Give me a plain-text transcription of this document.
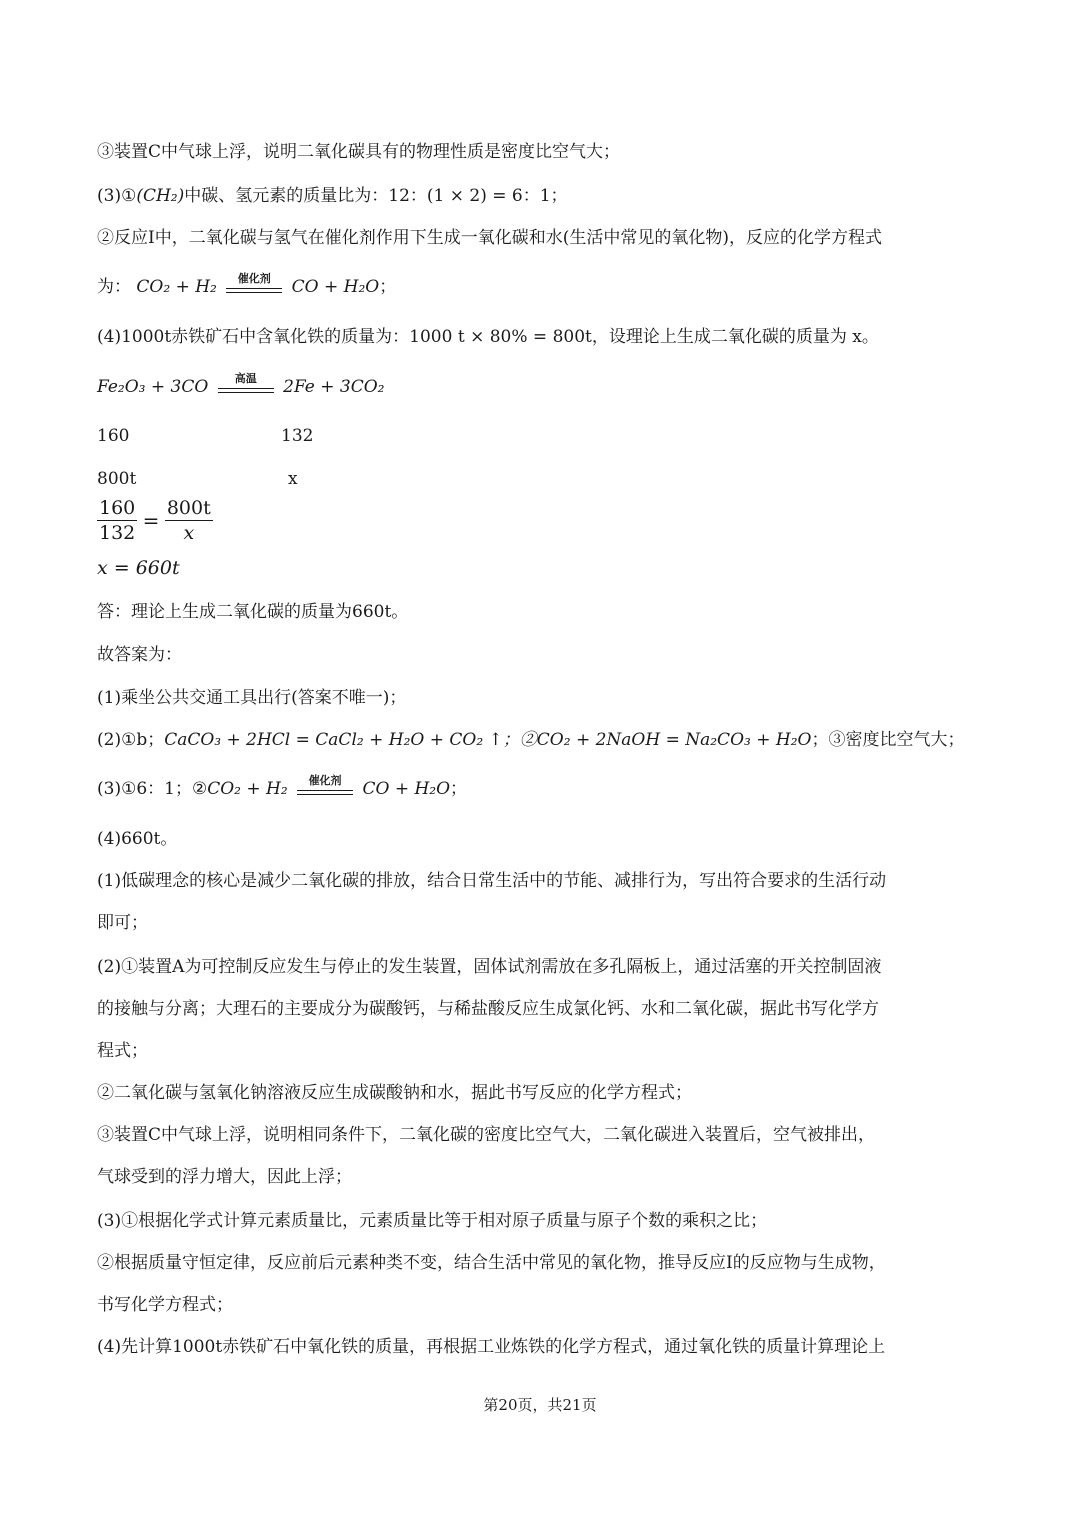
③装置C中气球上浮，说明二氧化碳具有的物理性质是密度比空气大；
(3)①(CH₂)中碳、氢元素的质量比为：12：(1 × 2) = 6：1；
②反应Ⅰ中，二氧化碳与氢气在催化剂作用下生成一氧化碳和水(生活中常见的氧化物)，反应的化学方程式
为： CO₂ + H₂	催化剂	CO + H₂O；
(4)1000t赤铁矿石中含氧化铁的质量为：1000 t × 80% = 800t，设理论上生成二氧化碳的质量为 x。
Fe₂O₃ + 3CO	高温	2Fe + 3CO₂
160	132
800t	x
$\frac{160}{132} = \frac{800t}{x}$
x = 660t
答：理论上生成二氧化碳的质量为660t。
故答案为：
(1)乘坐公共交通工具出行(答案不唯一)；
(2)①b；CaCO₃ + 2HCl = CaCl₂ + H₂O + CO₂ ↑；②CO₂ + 2NaOH = Na₂CO₃ + H₂O；③密度比空气大；
(3)①6：1；②CO₂ + H₂	催化剂	CO + H₂O；
(4)660t。
(1)低碳理念的核心是减少二氧化碳的排放，结合日常生活中的节能、减排行为，写出符合要求的生活行动
即可；
(2)①装置A为可控制反应发生与停止的发生装置，固体试剂需放在多孔隔板上，通过活塞的开关控制固液
的接触与分离；大理石的主要成分为碳酸钙，与稀盐酸反应生成氯化钙、水和二氧化碳，据此书写化学方
程式；
②二氧化碳与氢氧化钠溶液反应生成碳酸钠和水，据此书写反应的化学方程式；
③装置C中气球上浮，说明相同条件下，二氧化碳的密度比空气大，二氧化碳进入装置后，空气被排出，
气球受到的浮力增大，因此上浮；
(3)①根据化学式计算元素质量比，元素质量比等于相对原子质量与原子个数的乘积之比；
②根据质量守恒定律，反应前后元素种类不变，结合生活中常见的氧化物，推导反应Ⅰ的反应物与生成物，
书写化学方程式；
(4)先计算1000t赤铁矿石中氧化铁的质量，再根据工业炼铁的化学方程式，通过氧化铁的质量计算理论上
第20页，共21页
